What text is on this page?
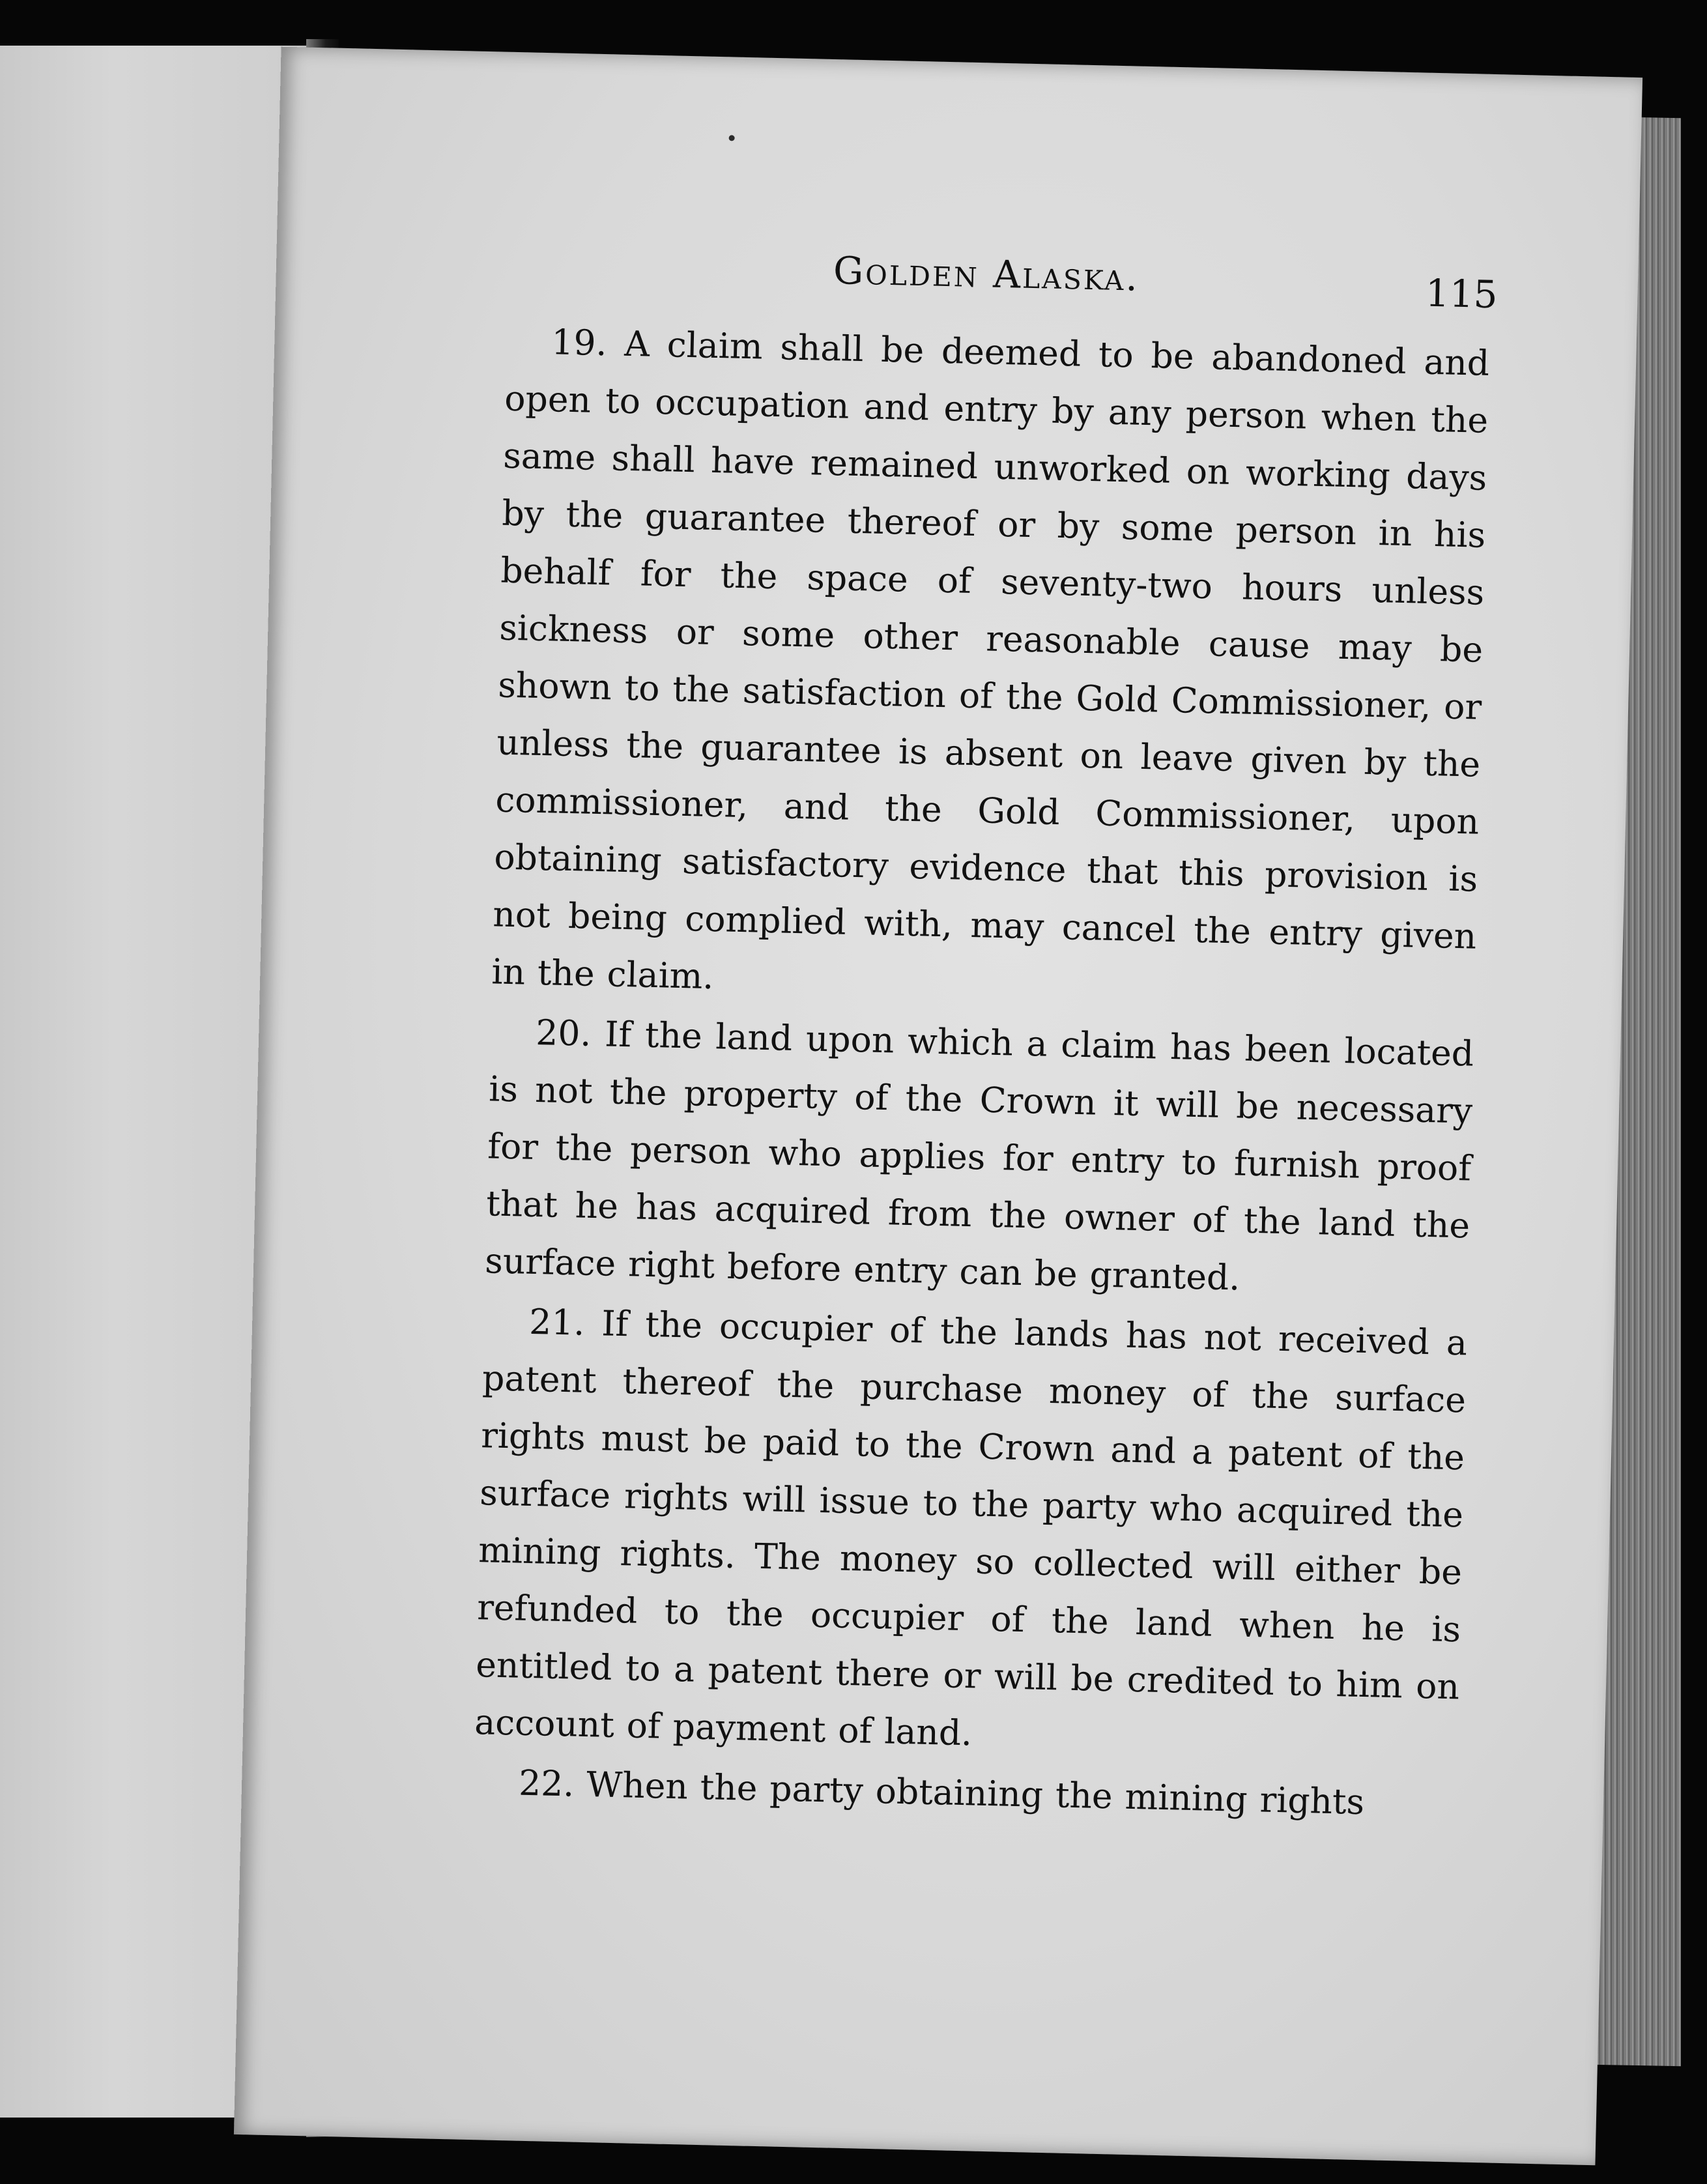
Golden Alaska.	115

19. A claim shall be deemed to be abandoned and open to occupation and entry by any person when the same shall have remained unworked on working days by the guarantee thereof or by some person in his behalf for the space of seventy-two hours unless sickness or some other reasonable cause may be shown to the satisfaction of the Gold Commissioner, or unless the guarantee is absent on leave given by the commissioner, and the Gold Commissioner, upon obtaining satisfactory evidence that this provision is not being complied with, may cancel the entry given in the claim.

20. If the land upon which a claim has been located is not the property of the Crown it will be necessary for the person who applies for entry to furnish proof that he has acquired from the owner of the land the surface right before entry can be granted.

21. If the occupier of the lands has not received a patent thereof the purchase money of the surface rights must be paid to the Crown and a patent of the surface rights will issue to the party who acquired the mining rights. The money so collected will either be refunded to the occupier of the land when he is entitled to a patent there or will be credited to him on account of payment of land.

22. When the party obtaining the mining rights
